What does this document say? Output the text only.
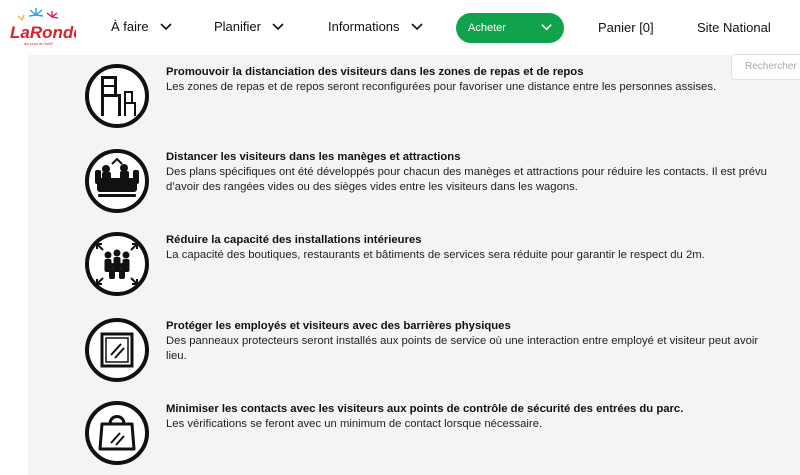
LaRonde
les pros du thrill!
À faire	Planifier	Informations	Acheter	Panier [0]	Site National
Rechercher
Promouvoir la distanciation des visiteurs dans les zones de repas et de repos
Les zones de repas et de repos seront reconfigurées pour favoriser une distance entre les personnes assises.
Distancer les visiteurs dans les manèges et attractions
Des plans spécifiques ont été développés pour chacun des manèges et attractions pour réduire les contacts. Il est prévu d’avoir des rangées vides ou des sièges vides entre les visiteurs dans les wagons.
Réduire la capacité des installations intérieures
La capacité des boutiques, restaurants et bâtiments de services sera réduite pour garantir le respect du 2m.
Protéger les employés et visiteurs avec des barrières physiques
Des panneaux protecteurs seront installés aux points de service où une interaction entre employé et visiteur peut avoir lieu.
Minimiser les contacts avec les visiteurs aux points de contrôle de sécurité des entrées du parc.
Les vérifications se feront avec un minimum de contact lorsque nécessaire.
